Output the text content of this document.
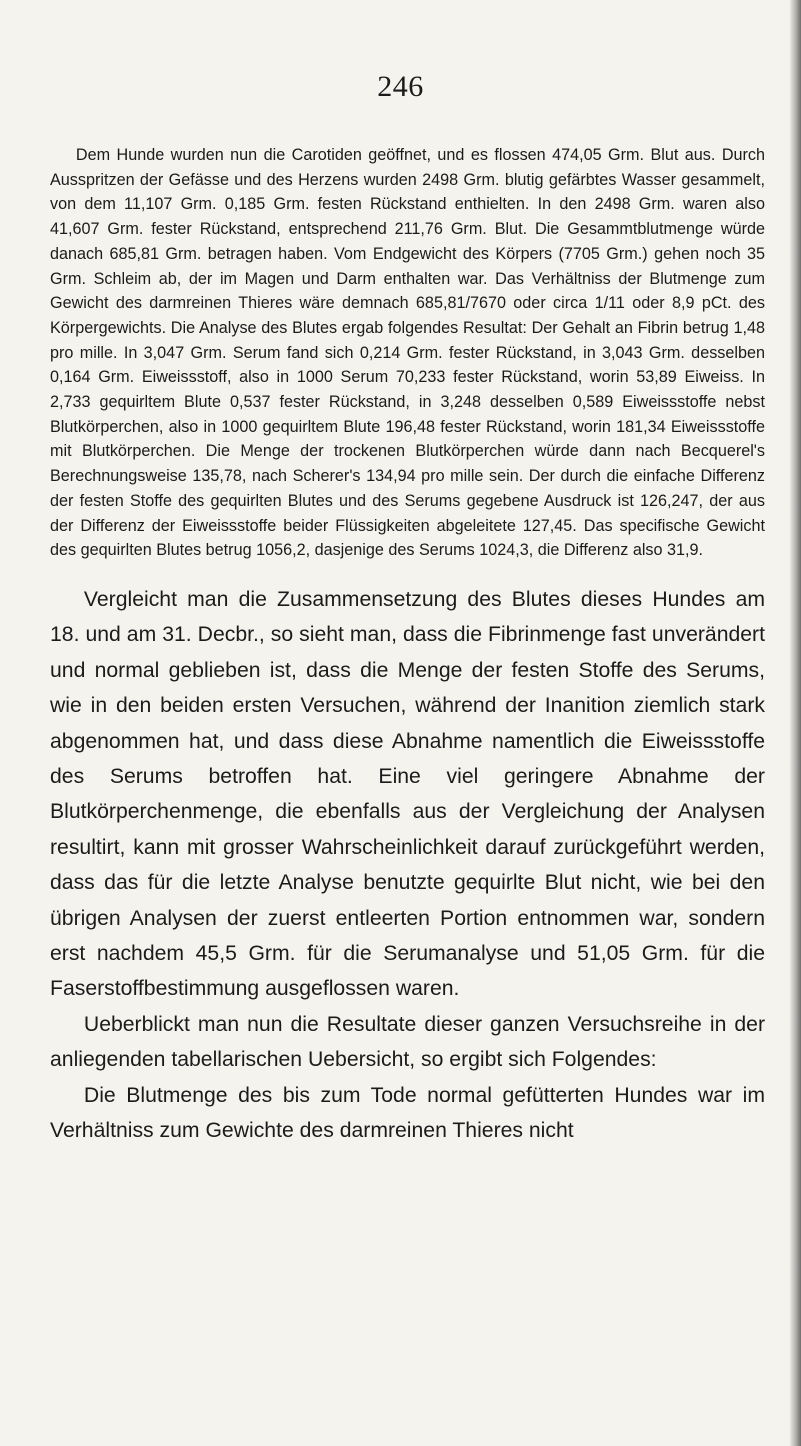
246

Dem Hunde wurden nun die Carotiden geöffnet, und es flossen 474,05 Grm. Blut aus. Durch Ausspritzen der Gefässe und des Herzens wurden 2498 Grm. blutig gefärbtes Wasser gesammelt, von dem 11,107 Grm. 0,185 Grm. festen Rückstand enthielten. In den 2498 Grm. waren also 41,607 Grm. fester Rückstand, entsprechend 211,76 Grm. Blut. Die Gesammtblutmenge würde danach 685,81 Grm. betragen haben. Vom Endgewicht des Körpers (7705 Grm.) gehen noch 35 Grm. Schleim ab, der im Magen und Darm enthalten war. Das Verhältniss der Blutmenge zum Gewicht des darmreinen Thieres wäre demnach 685,81/7670 oder circa 1/11 oder 8,9 pCt. des Körpergewichts. Die Analyse des Blutes ergab folgendes Resultat: Der Gehalt an Fibrin betrug 1,48 pro mille. In 3,047 Grm. Serum fand sich 0,214 Grm. fester Rückstand, in 3,043 Grm. desselben 0,164 Grm. Eiweissstoff, also in 1000 Serum 70,233 fester Rückstand, worin 53,89 Eiweiss. In 2,733 gequirltem Blute 0,537 fester Rückstand, in 3,248 desselben 0,589 Eiweissstoffe nebst Blutkörperchen, also in 1000 gequirltem Blute 196,48 fester Rückstand, worin 181,34 Eiweissstoffe mit Blutkörperchen. Die Menge der trockenen Blutkörperchen würde dann nach Becquerel's Berechnungsweise 135,78, nach Scherer's 134,94 pro mille sein. Der durch die einfache Differenz der festen Stoffe des gequirlten Blutes und des Serums gegebene Ausdruck ist 126,247, der aus der Differenz der Eiweissstoffe beider Flüssigkeiten abgeleitete 127,45. Das specifische Gewicht des gequirlten Blutes betrug 1056,2, dasjenige des Serums 1024,3, die Differenz also 31,9.

Vergleicht man die Zusammensetzung des Blutes dieses Hundes am 18. und am 31. Decbr., so sieht man, dass die Fibrinmenge fast unverändert und normal geblieben ist, dass die Menge der festen Stoffe des Serums, wie in den beiden ersten Versuchen, während der Inanition ziemlich stark abgenommen hat, und dass diese Abnahme namentlich die Eiweissstoffe des Serums betroffen hat. Eine viel geringere Abnahme der Blutkörperchenmenge, die ebenfalls aus der Vergleichung der Analysen resultirt, kann mit grosser Wahrscheinlichkeit darauf zurückgeführt werden, dass das für die letzte Analyse benutzte gequirlte Blut nicht, wie bei den übrigen Analysen der zuerst entleerten Portion entnommen war, sondern erst nachdem 45,5 Grm. für die Serumanalyse und 51,05 Grm. für die Faserstoffbestimmung ausgeflossen waren.

Ueberblickt man nun die Resultate dieser ganzen Versuchsreihe in der anliegenden tabellarischen Uebersicht, so ergibt sich Folgendes:

Die Blutmenge des bis zum Tode normal gefütterten Hundes war im Verhältniss zum Gewichte des darmreinen Thieres nicht
